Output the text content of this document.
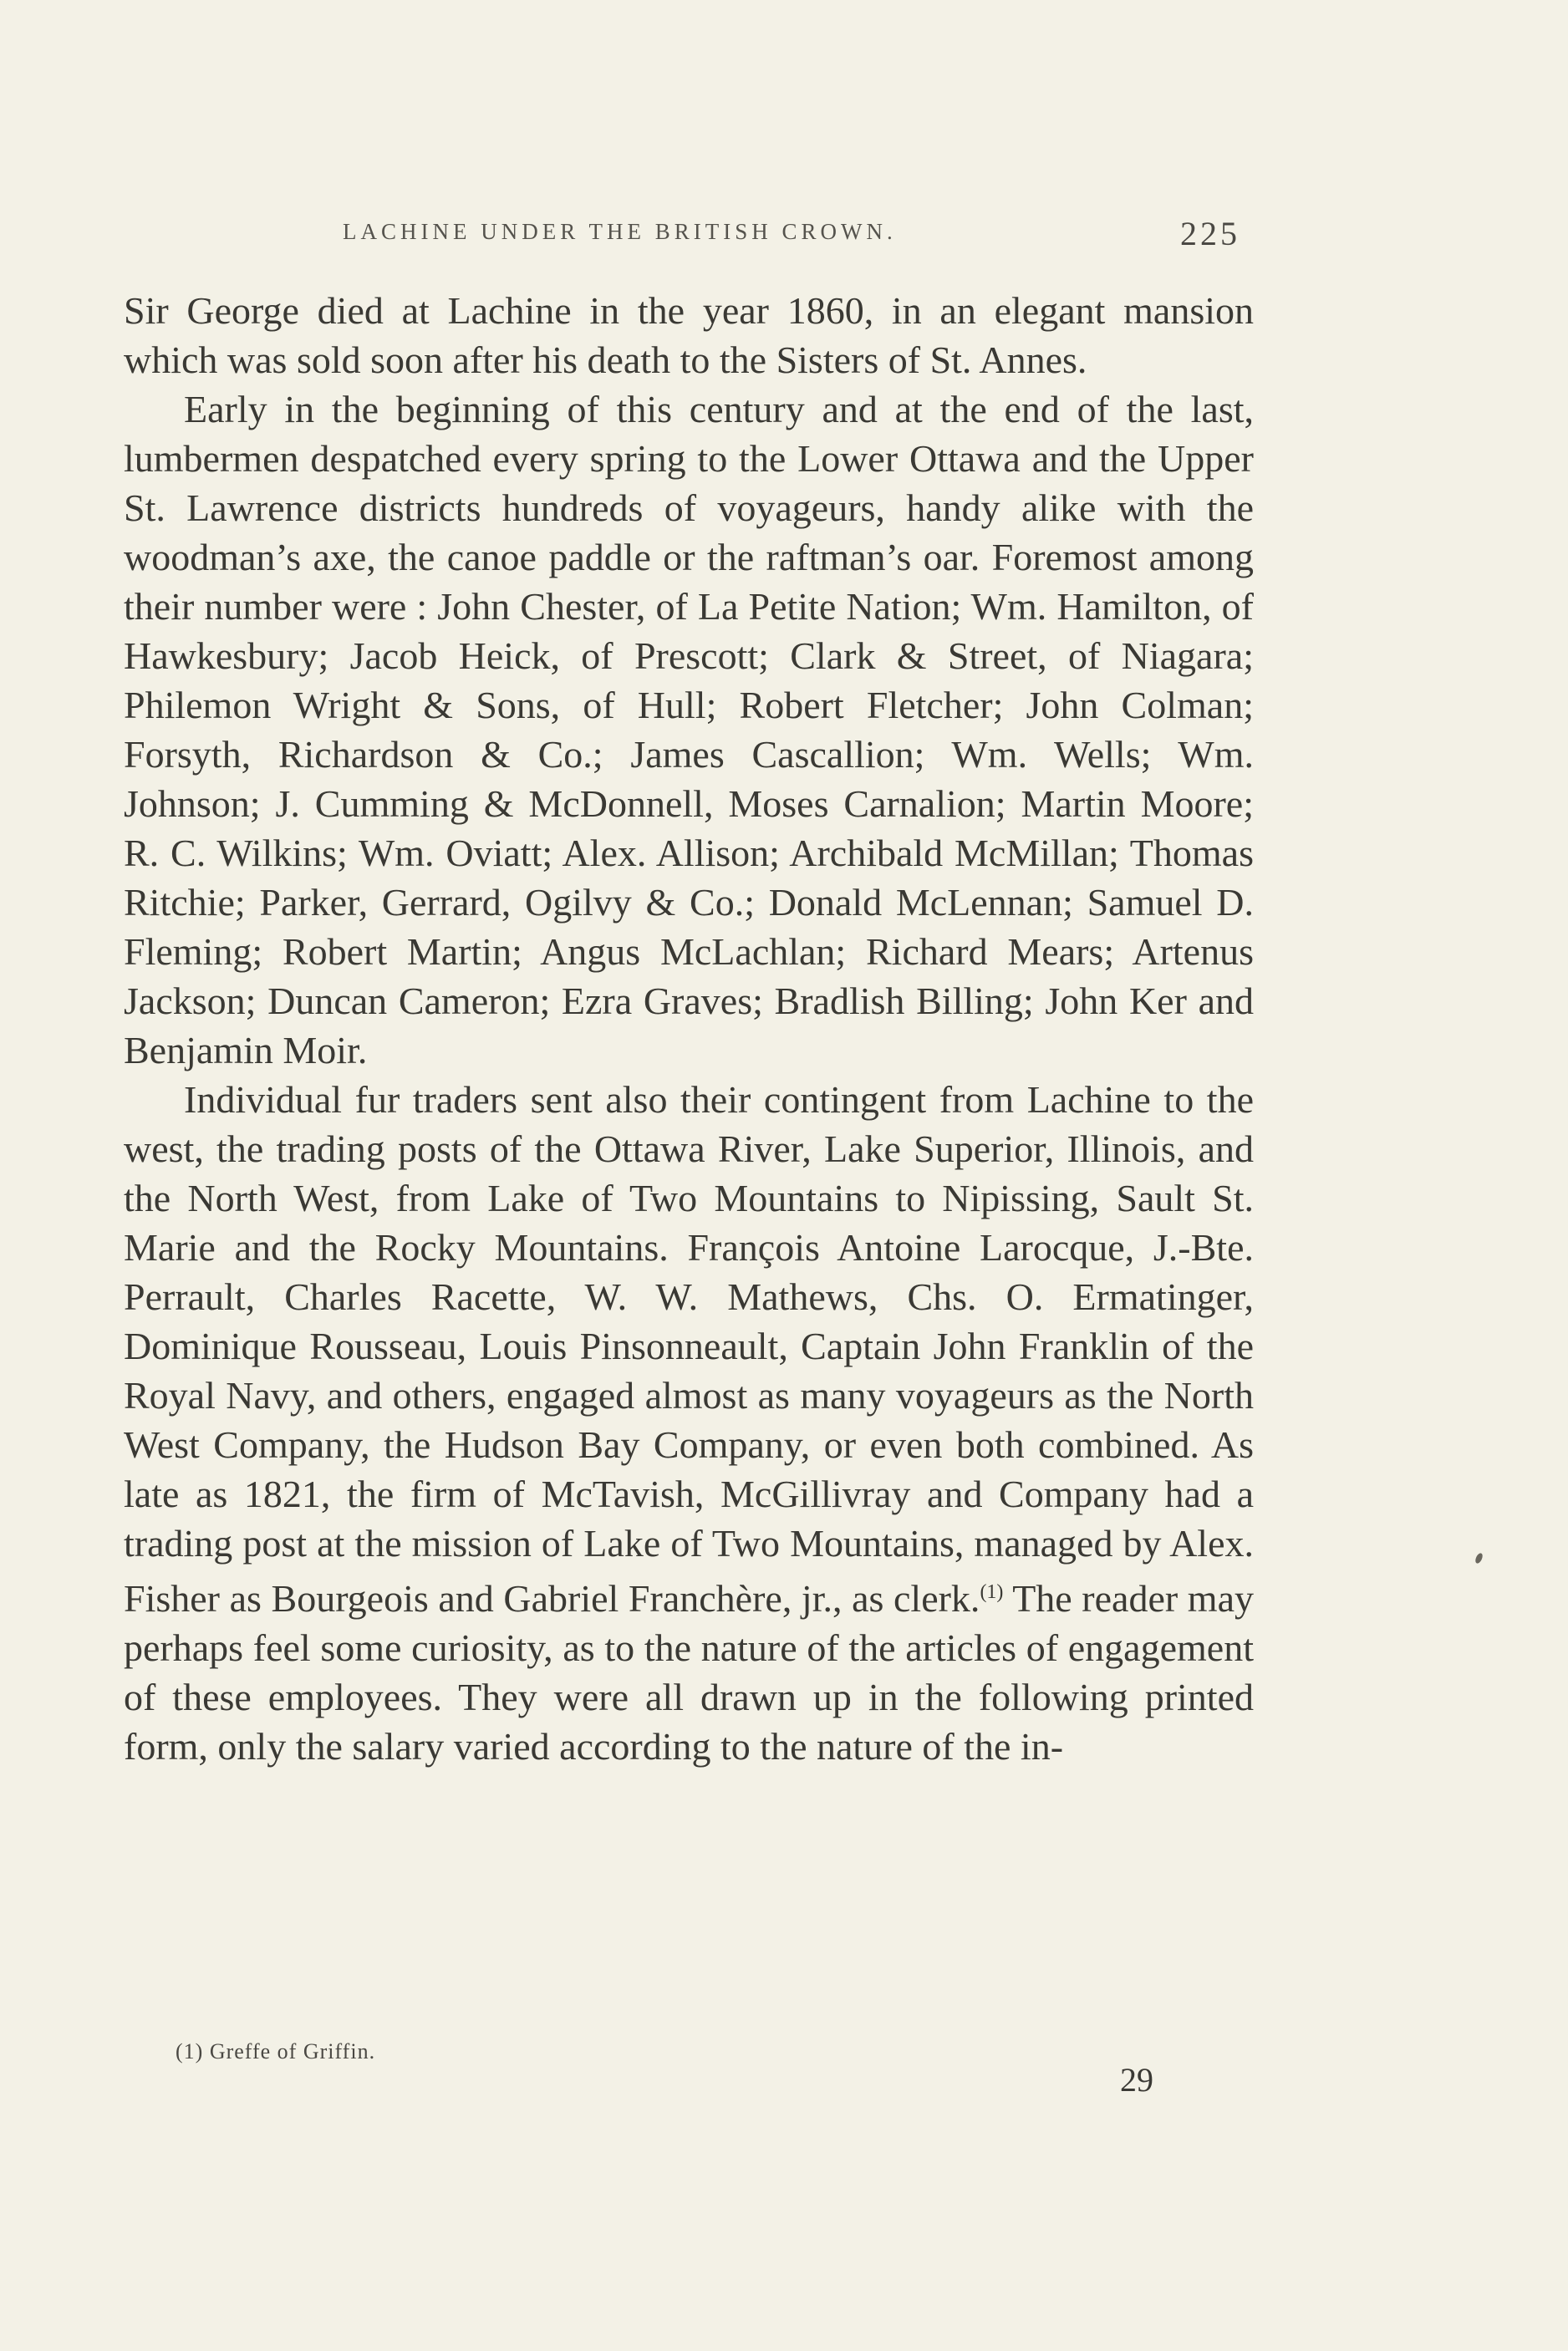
LACHINE UNDER THE BRITISH CROWN.	225

Sir George died at Lachine in the year 1860, in an elegant mansion which was sold soon after his death to the Sisters of St. Annes.

Early in the beginning of this century and at the end of the last, lumbermen despatched every spring to the Lower Ottawa and the Upper St. Lawrence districts hundreds of voyageurs, handy alike with the woodman’s axe, the canoe paddle or the raftman’s oar. Foremost among their number were : John Chester, of La Petite Nation; Wm. Hamilton, of Hawkesbury; Jacob Heick, of Prescott; Clark & Street, of Niagara; Philemon Wright & Sons, of Hull; Robert Fletcher; John Colman; Forsyth, Richardson & Co.; James Cascallion; Wm. Wells; Wm. Johnson; J. Cumming & McDonnell, Moses Carnalion; Martin Moore; R. C. Wilkins; Wm. Oviatt; Alex. Allison; Archibald McMillan; Thomas Ritchie; Parker, Gerrard, Ogilvy & Co.; Donald McLennan; Samuel D. Fleming; Robert Martin; Angus McLachlan; Richard Mears; Artenus Jackson; Duncan Cameron; Ezra Graves; Bradlish Billing; John Ker and Benjamin Moir.

Individual fur traders sent also their contingent from Lachine to the west, the trading posts of the Ottawa River, Lake Superior, Illinois, and the North West, from Lake of Two Mountains to Nipissing, Sault St. Marie and the Rocky Mountains. François Antoine Larocque, J.-Bte. Perrault, Charles Racette, W. W. Mathews, Chs. O. Ermatinger, Dominique Rousseau, Louis Pinsonneault, Captain John Franklin of the Royal Navy, and others, engaged almost as many voyageurs as the North West Company, the Hudson Bay Company, or even both combined. As late as 1821, the firm of McTavish, McGillivray and Company had a trading post at the mission of Lake of Two Mountains, managed by Alex. Fisher as Bourgeois and Gabriel Franchère, jr., as clerk.$^{(1)}$ The reader may perhaps feel some curiosity, as to the nature of the articles of engagement of these employees. They were all drawn up in the following printed form, only the salary varied according to the nature of the in-

(1) Greffe of Griffin.
29
